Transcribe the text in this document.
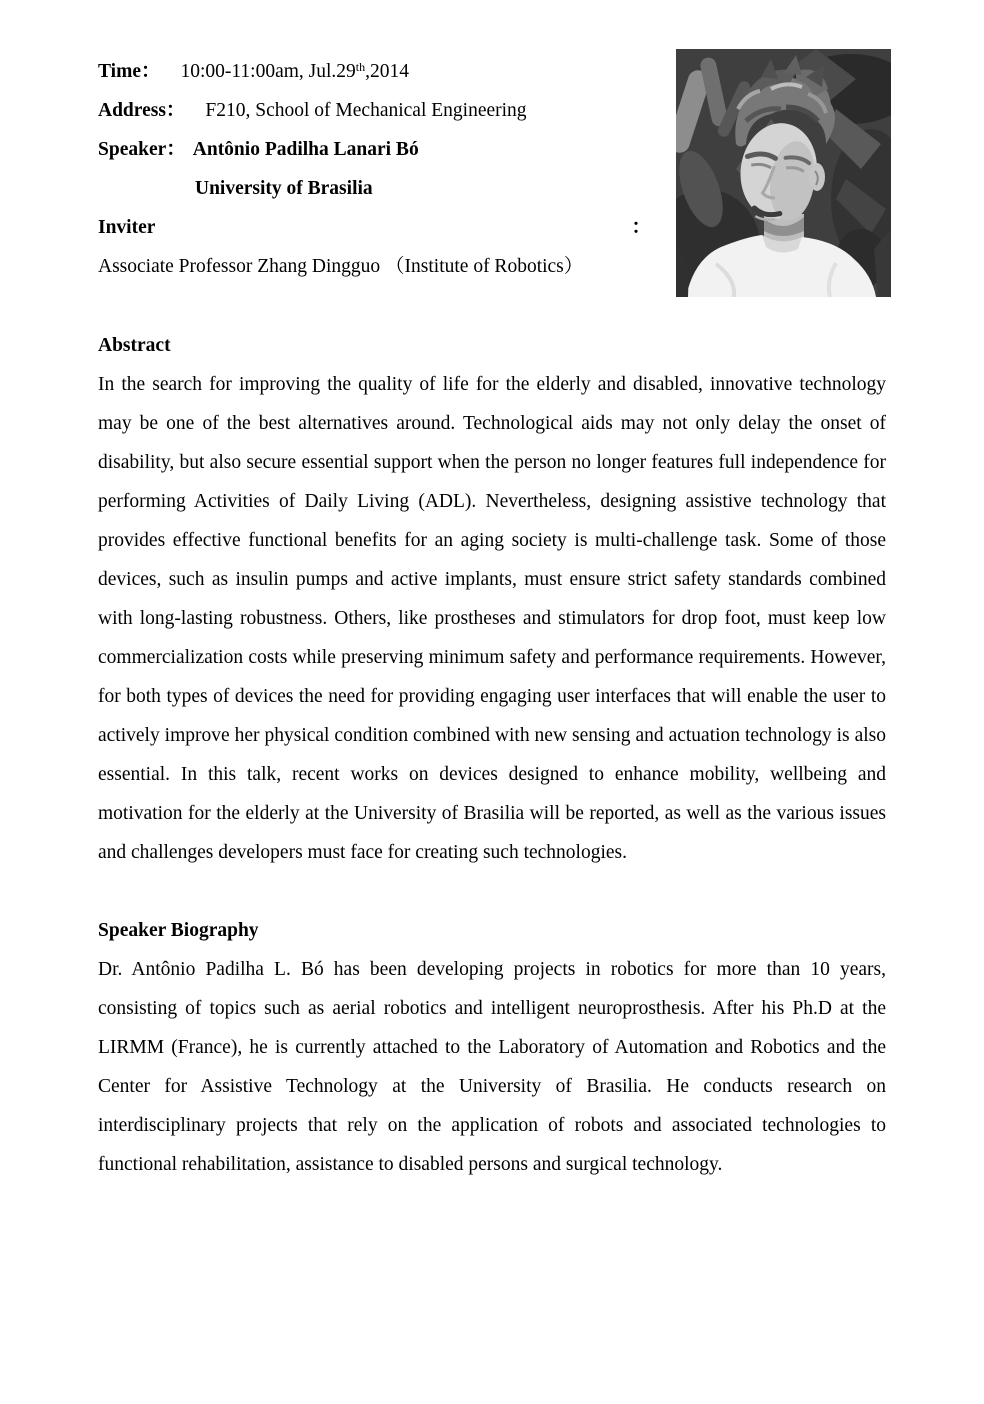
Time： 10:00-11:00am, Jul.29th,2014

Address： F210, School of Mechanical Engineering

Speaker： Antônio Padilha Lanari Bó

University of Brasilia

Inviter：Associate Professor Zhang Dingguo （Institute of Robotics）

Abstract

In the search for improving the quality of life for the elderly and disabled, innovative technology may be one of the best alternatives around. Technological aids may not only delay the onset of disability, but also secure essential support when the person no longer features full independence for performing Activities of Daily Living (ADL). Nevertheless, designing assistive technology that provides effective functional benefits for an aging society is multi-challenge task. Some of those devices, such as insulin pumps and active implants, must ensure strict safety standards combined with long-lasting robustness. Others, like prostheses and stimulators for drop foot, must keep low commercialization costs while preserving minimum safety and performance requirements. However, for both types of devices the need for providing engaging user interfaces that will enable the user to actively improve her physical condition combined with new sensing and actuation technology is also essential. In this talk, recent works on devices designed to enhance mobility, wellbeing and motivation for the elderly at the University of Brasilia will be reported, as well as the various issues and challenges developers must face for creating such technologies.

Speaker Biography

Dr. Antônio Padilha L. Bó has been developing projects in robotics for more than 10 years, consisting of topics such as aerial robotics and intelligent neuroprosthesis. After his Ph.D at the LIRMM (France), he is currently attached to the Laboratory of Automation and Robotics and the Center for Assistive Technology at the University of Brasilia. He conducts research on interdisciplinary projects that rely on the application of robots and associated technologies to functional rehabilitation, assistance to disabled persons and surgical technology.
